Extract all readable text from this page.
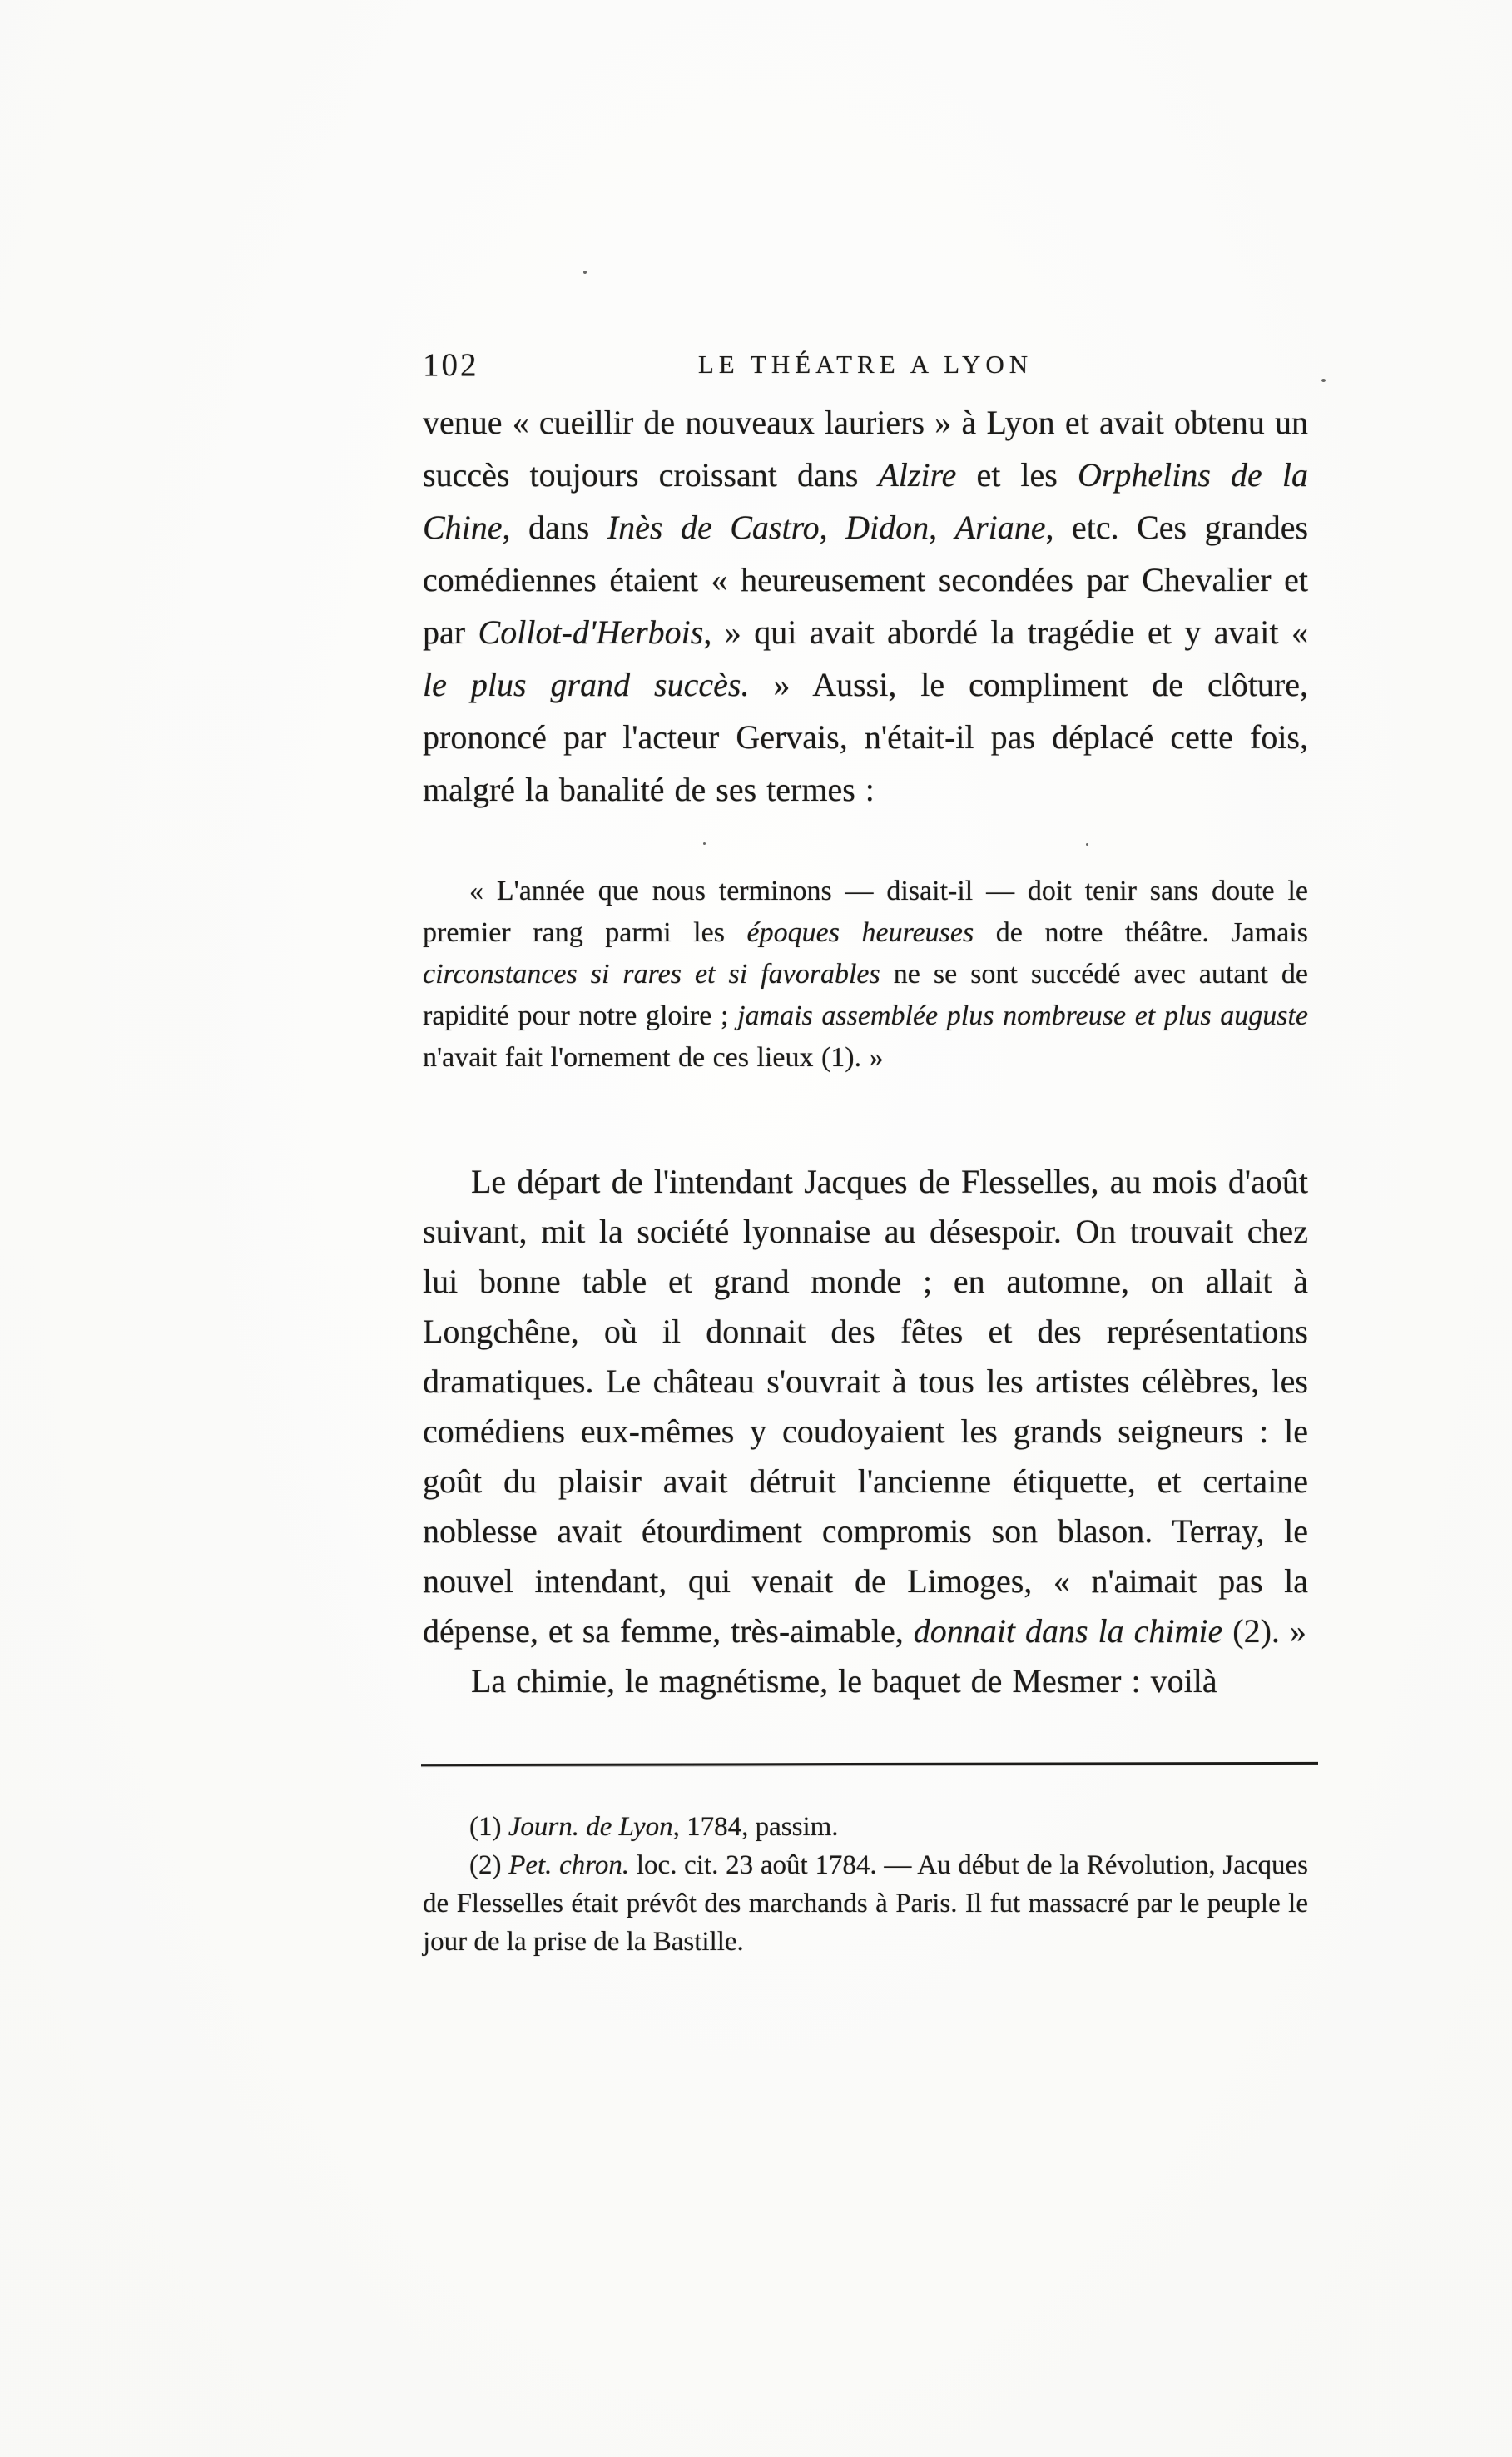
102	LE THÉATRE A LYON
venue « cueillir de nouveaux lauriers » à Lyon et avait obtenu un succès toujours croissant dans Alzire et les Orphelins de la Chine, dans Inès de Castro, Didon, Ariane, etc. Ces grandes comédiennes étaient « heureusement secondées par Chevalier et par Collot-d'Herbois, » qui avait abordé la tragédie et y avait « le plus grand succès. » Aussi, le compliment de clôture, prononcé par l'acteur Gervais, n'était-il pas déplacé cette fois, malgré la banalité de ses termes :
« L'année que nous terminons — disait-il — doit tenir sans doute le premier rang parmi les époques heureuses de notre théâtre. Jamais circonstances si rares et si favorables ne se sont succédé avec autant de rapidité pour notre gloire ; jamais assemblée plus nombreuse et plus auguste n'avait fait l'ornement de ces lieux (1). »

Le départ de l'intendant Jacques de Flesselles, au mois d'août suivant, mit la société lyonnaise au désespoir. On trouvait chez lui bonne table et grand monde ; en automne, on allait à Longchêne, où il donnait des fêtes et des représentations dramatiques. Le château s'ouvrait à tous les artistes célèbres, les comédiens eux-mêmes y coudoyaient les grands seigneurs : le goût du plaisir avait détruit l'ancienne étiquette, et certaine noblesse avait étourdiment compromis son blason. Terray, le nouvel intendant, qui venait de Limoges, « n'aimait pas la dépense, et sa femme, très-aimable, donnait dans la chimie (2). »

La chimie, le magnétisme, le baquet de Mesmer : voilà

(1) Journ. de Lyon, 1784, passim.

(2) Pet. chron. loc. cit. 23 août 1784. — Au début de la Révolution, Jacques de Flesselles était prévôt des marchands à Paris. Il fut massacré par le peuple le jour de la prise de la Bastille.
